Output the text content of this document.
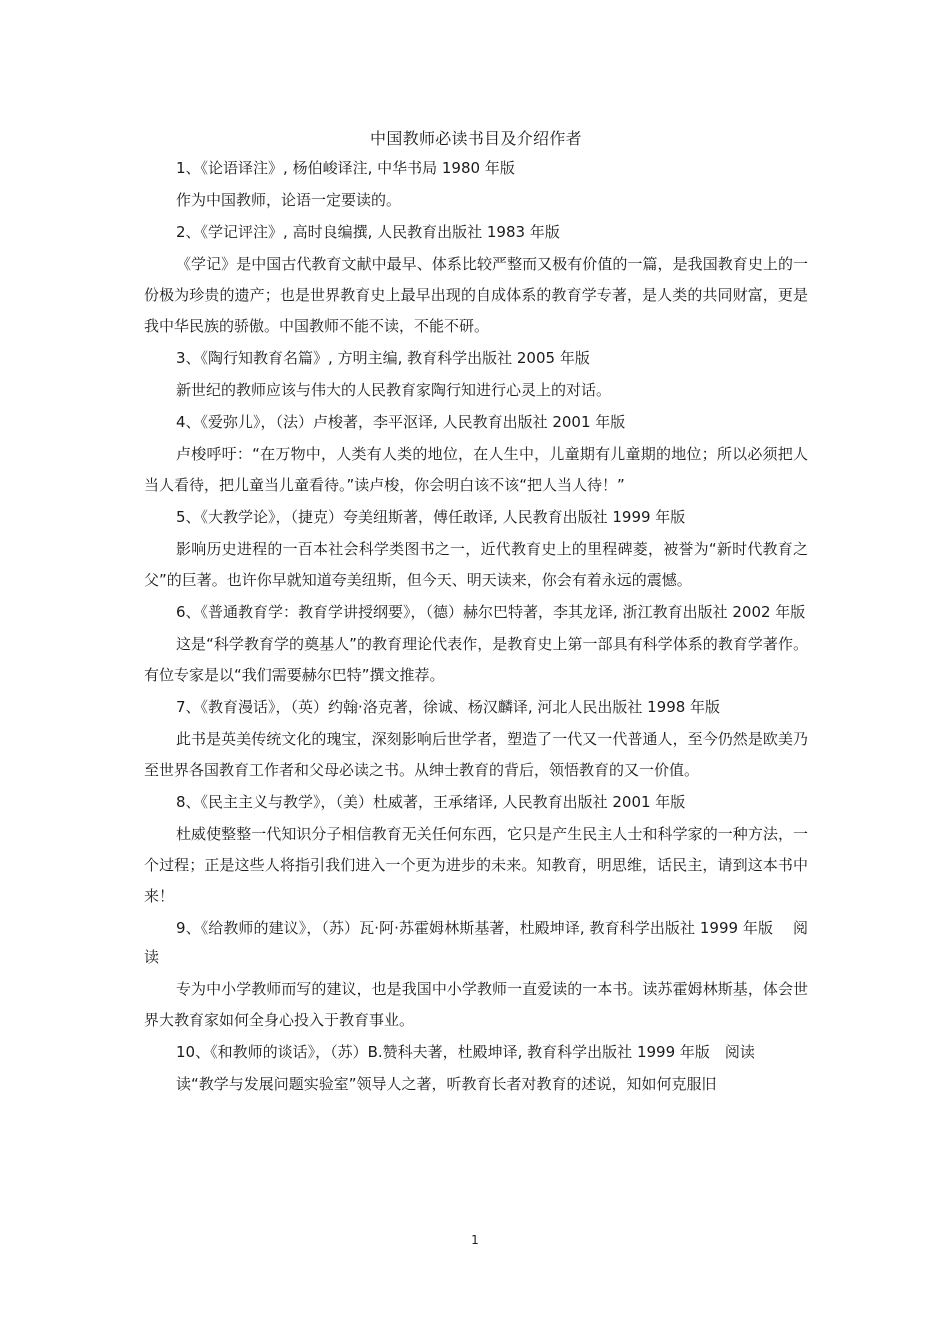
中国教师必读书目及介绍作者

1、《论语译注》, 杨伯峻译注, 中华书局 1980 年版

作为中国教师，论语一定要读的。

2、《学记评注》, 高时良编撰, 人民教育出版社 1983 年版

《学记》是中国古代教育文献中最早、体系比较严整而又极有价值的一篇，是我国教育史上的一份极为珍贵的遗产；也是世界教育史上最早出现的自成体系的教育学专著，是人类的共同财富，更是我中华民族的骄傲。中国教师不能不读，不能不研。

3、《陶行知教育名篇》, 方明主编, 教育科学出版社 2005 年版

新世纪的教师应该与伟大的人民教育家陶行知进行心灵上的对话。

4、《爱弥儿》，（法）卢梭著，李平沤译, 人民教育出版社 2001 年版

卢梭呼吁：“在万物中，人类有人类的地位，在人生中，儿童期有儿童期的地位；所以必须把人当人看待，把儿童当儿童看待。”读卢梭，你会明白该不该“把人当人待！”

5、《大教学论》，（捷克）夸美纽斯著，傅任敢译, 人民教育出版社 1999 年版

影响历史进程的一百本社会科学类图书之一，近代教育史上的里程碑菱，被誉为“新时代教育之父”的巨著。也许你早就知道夸美纽斯，但今天、明天读来，你会有着永远的震憾。

6、《普通教育学：教育学讲授纲要》，（德）赫尔巴特著，李其龙译, 浙江教育出版社 2002 年版

这是“科学教育学的奠基人”的教育理论代表作，是教育史上第一部具有科学体系的教育学著作。有位专家是以“我们需要赫尔巴特”撰文推荐。

7、《教育漫话》，（英）约翰·洛克著，徐诚、杨汉麟译, 河北人民出版社 1998 年版

此书是英美传统文化的瑰宝，深刻影响后世学者，塑造了一代又一代普通人，至今仍然是欧美乃至世界各国教育工作者和父母必读之书。从绅士教育的背后，领悟教育的又一价值。

8、《民主主义与教学》，（美）杜威著，王承绪译, 人民教育出版社 2001 年版

杜威使整整一代知识分子相信教育无关任何东西，它只是产生民主人士和科学家的一种方法，一个过程；正是这些人将指引我们进入一个更为进步的未来。知教育，明思维，话民主，请到这本书中来！

9、《给教师的建议》，（苏）瓦·阿·苏霍姆林斯基著，杜殿坤译, 教育科学出版社 1999 年版　 阅读

专为中小学教师而写的建议，也是我国中小学教师一直爱读的一本书。读苏霍姆林斯基，体会世界大教育家如何全身心投入于教育事业。

10、《和教师的谈话》，（苏）B.赞科夫著，杜殿坤译, 教育科学出版社 1999 年版　阅读

读“教学与发展问题实验室”领导人之著，听教育长者对教育的述说，知如何克服旧

1
